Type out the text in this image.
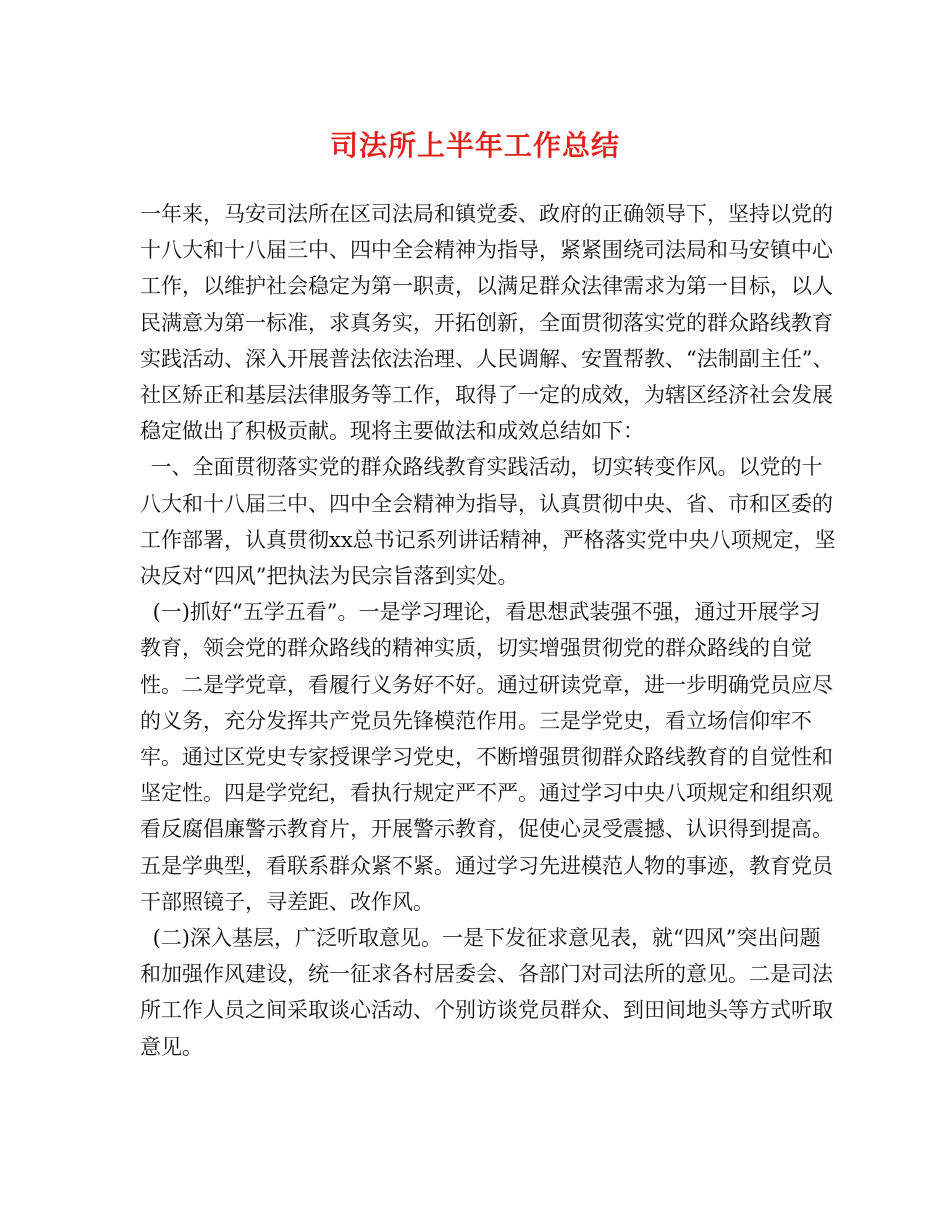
司法所上半年工作总结

一年来，马安司法所在区司法局和镇党委、政府的正确领导下，坚持以党的十八大和十八届三中、四中全会精神为指导，紧紧围绕司法局和马安镇中心工作，以维护社会稳定为第一职责，以满足群众法律需求为第一目标，以人民满意为第一标准，求真务实，开拓创新，全面贯彻落实党的群众路线教育实践活动、深入开展普法依法治理、人民调解、安置帮教、“法制副主任”、社区矫正和基层法律服务等工作，取得了一定的成效，为辖区经济社会发展稳定做出了积极贡献。现将主要做法和成效总结如下：

一、全面贯彻落实党的群众路线教育实践活动，切实转变作风。以党的十八大和十八届三中、四中全会精神为指导，认真贯彻中央、省、市和区委的工作部署，认真贯彻xx总书记系列讲话精神，严格落实党中央八项规定，坚决反对“四风”把执法为民宗旨落到实处。

(一)抓好“五学五看”。一是学习理论，看思想武装强不强，通过开展学习教育，领会党的群众路线的精神实质，切实增强贯彻党的群众路线的自觉性。二是学党章，看履行义务好不好。通过研读党章，进一步明确党员应尽的义务，充分发挥共产党员先锋模范作用。三是学党史，看立场信仰牢不牢。通过区党史专家授课学习党史，不断增强贯彻群众路线教育的自觉性和坚定性。四是学党纪，看执行规定严不严。通过学习中央八项规定和组织观看反腐倡廉警示教育片，开展警示教育，促使心灵受震撼、认识得到提高。五是学典型，看联系群众紧不紧。通过学习先进模范人物的事迹，教育党员干部照镜子，寻差距、改作风。

(二)深入基层，广泛听取意见。一是下发征求意见表，就“四风”突出问题和加强作风建设，统一征求各村居委会、各部门对司法所的意见。二是司法所工作人员之间采取谈心活动、个别访谈党员群众、到田间地头等方式听取意见。
